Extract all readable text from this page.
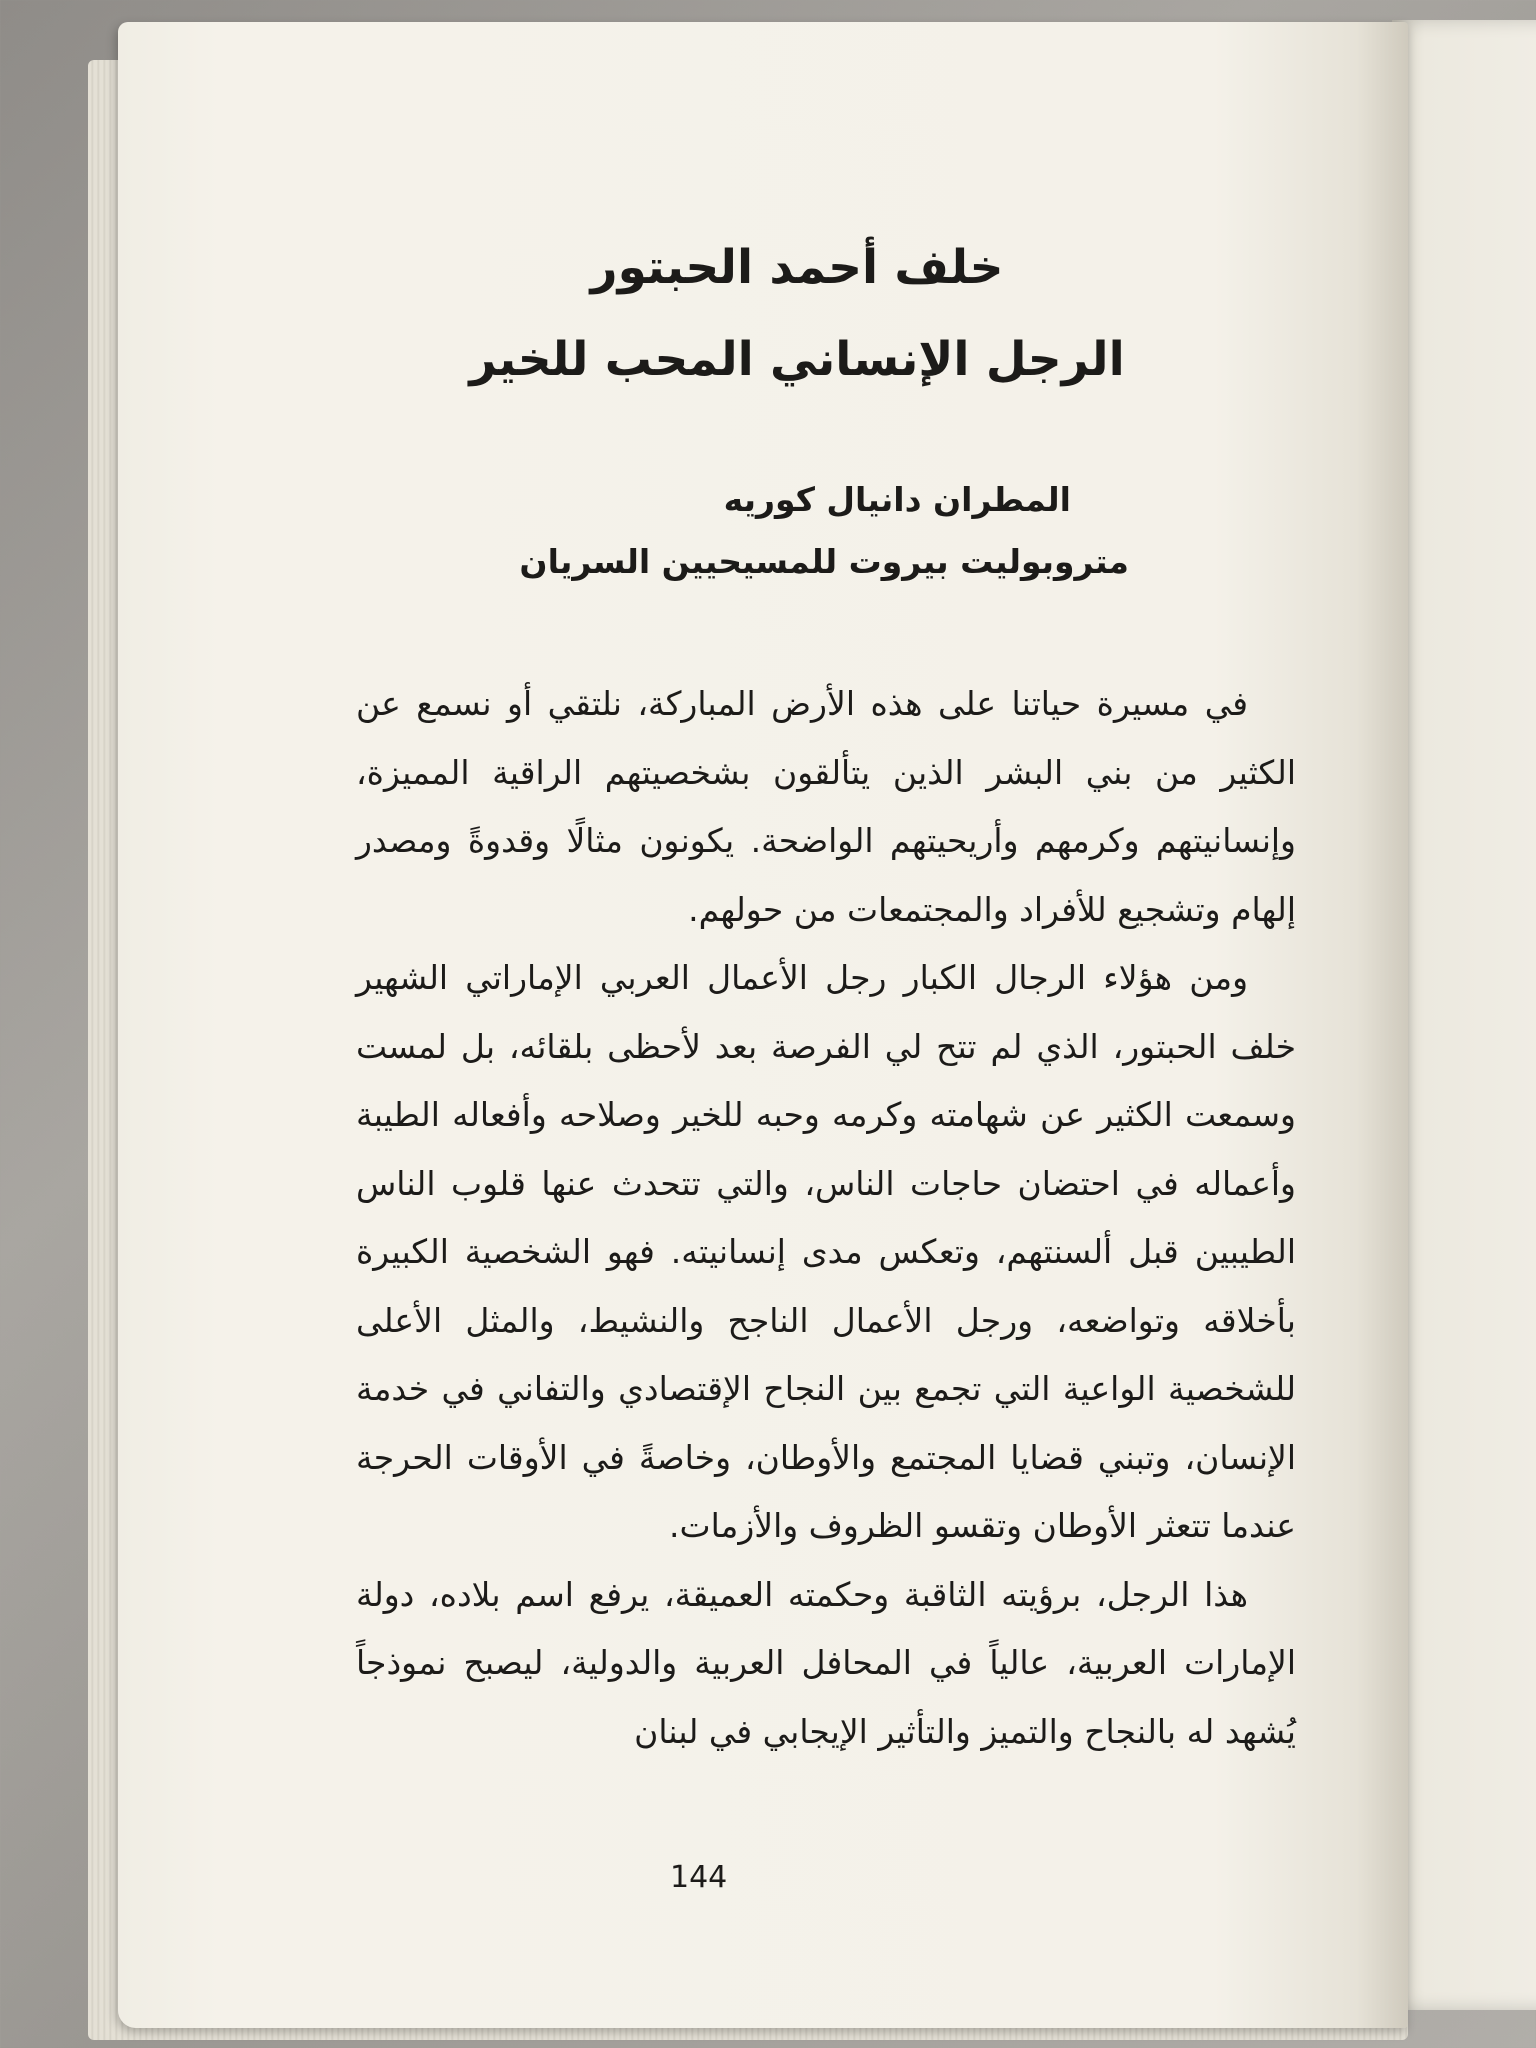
خلف أحمد الحبتور
الرجل الإنساني المحب للخير
المطران دانيال كوريه
متروبوليت بيروت للمسيحيين السريان

في مسيرة حياتنا على هذه الأرض المباركة، نلتقي أو نسمع عن الكثير من بني البشر الذين يتألقون بشخصيتهم الراقية المميزة، وإنسانيتهم وكرمهم وأريحيتهم الواضحة. يكونون مثالًا وقدوةً ومصدر إلهام وتشجيع للأفراد والمجتمعات من حولهم.

ومن هؤلاء الرجال الكبار رجل الأعمال العربي الإماراتي الشهير خلف الحبتور، الذي لم تتح لي الفرصة بعد لأحظى بلقائه، بل لمست وسمعت الكثير عن شهامته وكرمه وحبه للخير وصلاحه وأفعاله الطيبة وأعماله في احتضان حاجات الناس، والتي تتحدث عنها قلوب الناس الطيبين قبل ألسنتهم، وتعكس مدى إنسانيته. فهو الشخصية الكبيرة بأخلاقه وتواضعه، ورجل الأعمال الناجح والنشيط، والمثل الأعلى للشخصية الواعية التي تجمع بين النجاح الإقتصادي والتفاني في خدمة الإنسان، وتبني قضايا المجتمع والأوطان، وخاصةً في الأوقات الحرجة عندما تتعثر الأوطان وتقسو الظروف والأزمات.

هذا الرجل، برؤيته الثاقبة وحكمته العميقة، يرفع اسم بلاده، دولة الإمارات العربية، عالياً في المحافل العربية والدولية، ليصبح نموذجاً يُشهد له بالنجاح والتميز والتأثير الإيجابي في لبنان

144
